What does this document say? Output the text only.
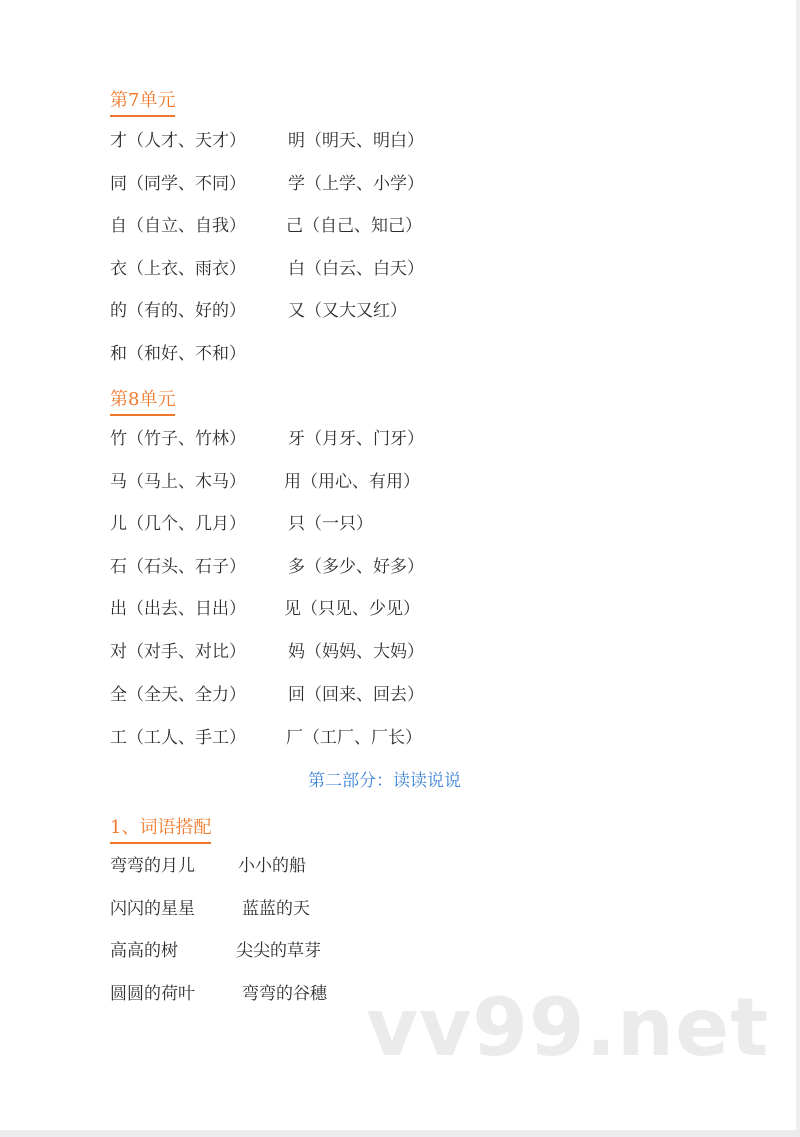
第7单元
才（人才、天才） 明（明天、明白）
同（同学、不同） 学（上学、小学）
自（自立、自我） 己（自己、知己）
衣（上衣、雨衣） 白（白云、白天）
的（有的、好的） 又（又大又红）
和（和好、不和）
第8单元
竹（竹子、竹林） 牙（月牙、门牙）
马（马上、木马） 用（用心、有用）
儿（几个、几月） 只（一只）
石（石头、石子） 多（多少、好多）
出（出去、日出） 见（只见、少见）
对（对手、对比） 妈（妈妈、大妈）
全（全天、全力） 回（回来、回去）
工（工人、手工） 厂（工厂、厂长）
第二部分：读读说说
1、词语搭配
弯弯的月儿	小小的船
闪闪的星星	蓝蓝的天
高高的树	尖尖的草芽
圆圆的荷叶	弯弯的谷穗 vv99.net
